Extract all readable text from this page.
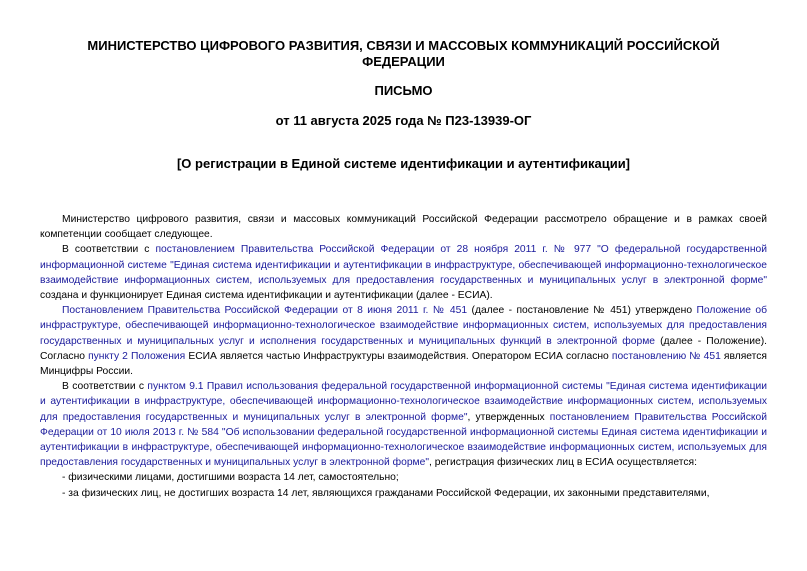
МИНИСТЕРСТВО ЦИФРОВОГО РАЗВИТИЯ, СВЯЗИ И МАССОВЫХ КОММУНИКАЦИЙ РОССИЙСКОЙ ФЕДЕРАЦИИ
ПИСЬМО
от 11 августа 2025 года № П23-13939-ОГ
[О регистрации в Единой системе идентификации и аутентификации]

Министерство цифрового развития, связи и массовых коммуникаций Российской Федерации рассмотрело обращение и в рамках своей компетенции сообщает следующее.

В соответствии с постановлением Правительства Российской Федерации от 28 ноября 2011 г. № 977 "О федеральной государственной информационной системе "Единая система идентификации и аутентификации в инфраструктуре, обеспечивающей информационно-технологическое взаимодействие информационных систем, используемых для предоставления государственных и муниципальных услуг в электронной форме" создана и функционирует Единая система идентификации и аутентификации (далее - ЕСИА).

Постановлением Правительства Российской Федерации от 8 июня 2011 г. № 451 (далее - постановление № 451) утверждено Положение об инфраструктуре, обеспечивающей информационно-технологическое взаимодействие информационных систем, используемых для предоставления государственных и муниципальных услуг и исполнения государственных и муниципальных функций в электронной форме (далее - Положение). Согласно пункту 2 Положения ЕСИА является частью Инфраструктуры взаимодействия. Оператором ЕСИА согласно постановлению № 451 является Минцифры России.

В соответствии с пунктом 9.1 Правил использования федеральной государственной информационной системы "Единая система идентификации и аутентификации в инфраструктуре, обеспечивающей информационно-технологическое взаимодействие информационных систем, используемых для предоставления государственных и муниципальных услуг в электронной форме", утвержденных постановлением Правительства Российской Федерации от 10 июля 2013 г. № 584 "Об использовании федеральной государственной информационной системы Единая система идентификации и аутентификации в инфраструктуре, обеспечивающей информационно-технологическое взаимодействие информационных систем, используемых для предоставления государственных и муниципальных услуг в электронной форме", регистрация физических лиц в ЕСИА осуществляется:

- физическими лицами, достигшими возраста 14 лет, самостоятельно;

- за физических лиц, не достигших возраста 14 лет, являющихся гражданами Российской Федерации, их законными представителями,
